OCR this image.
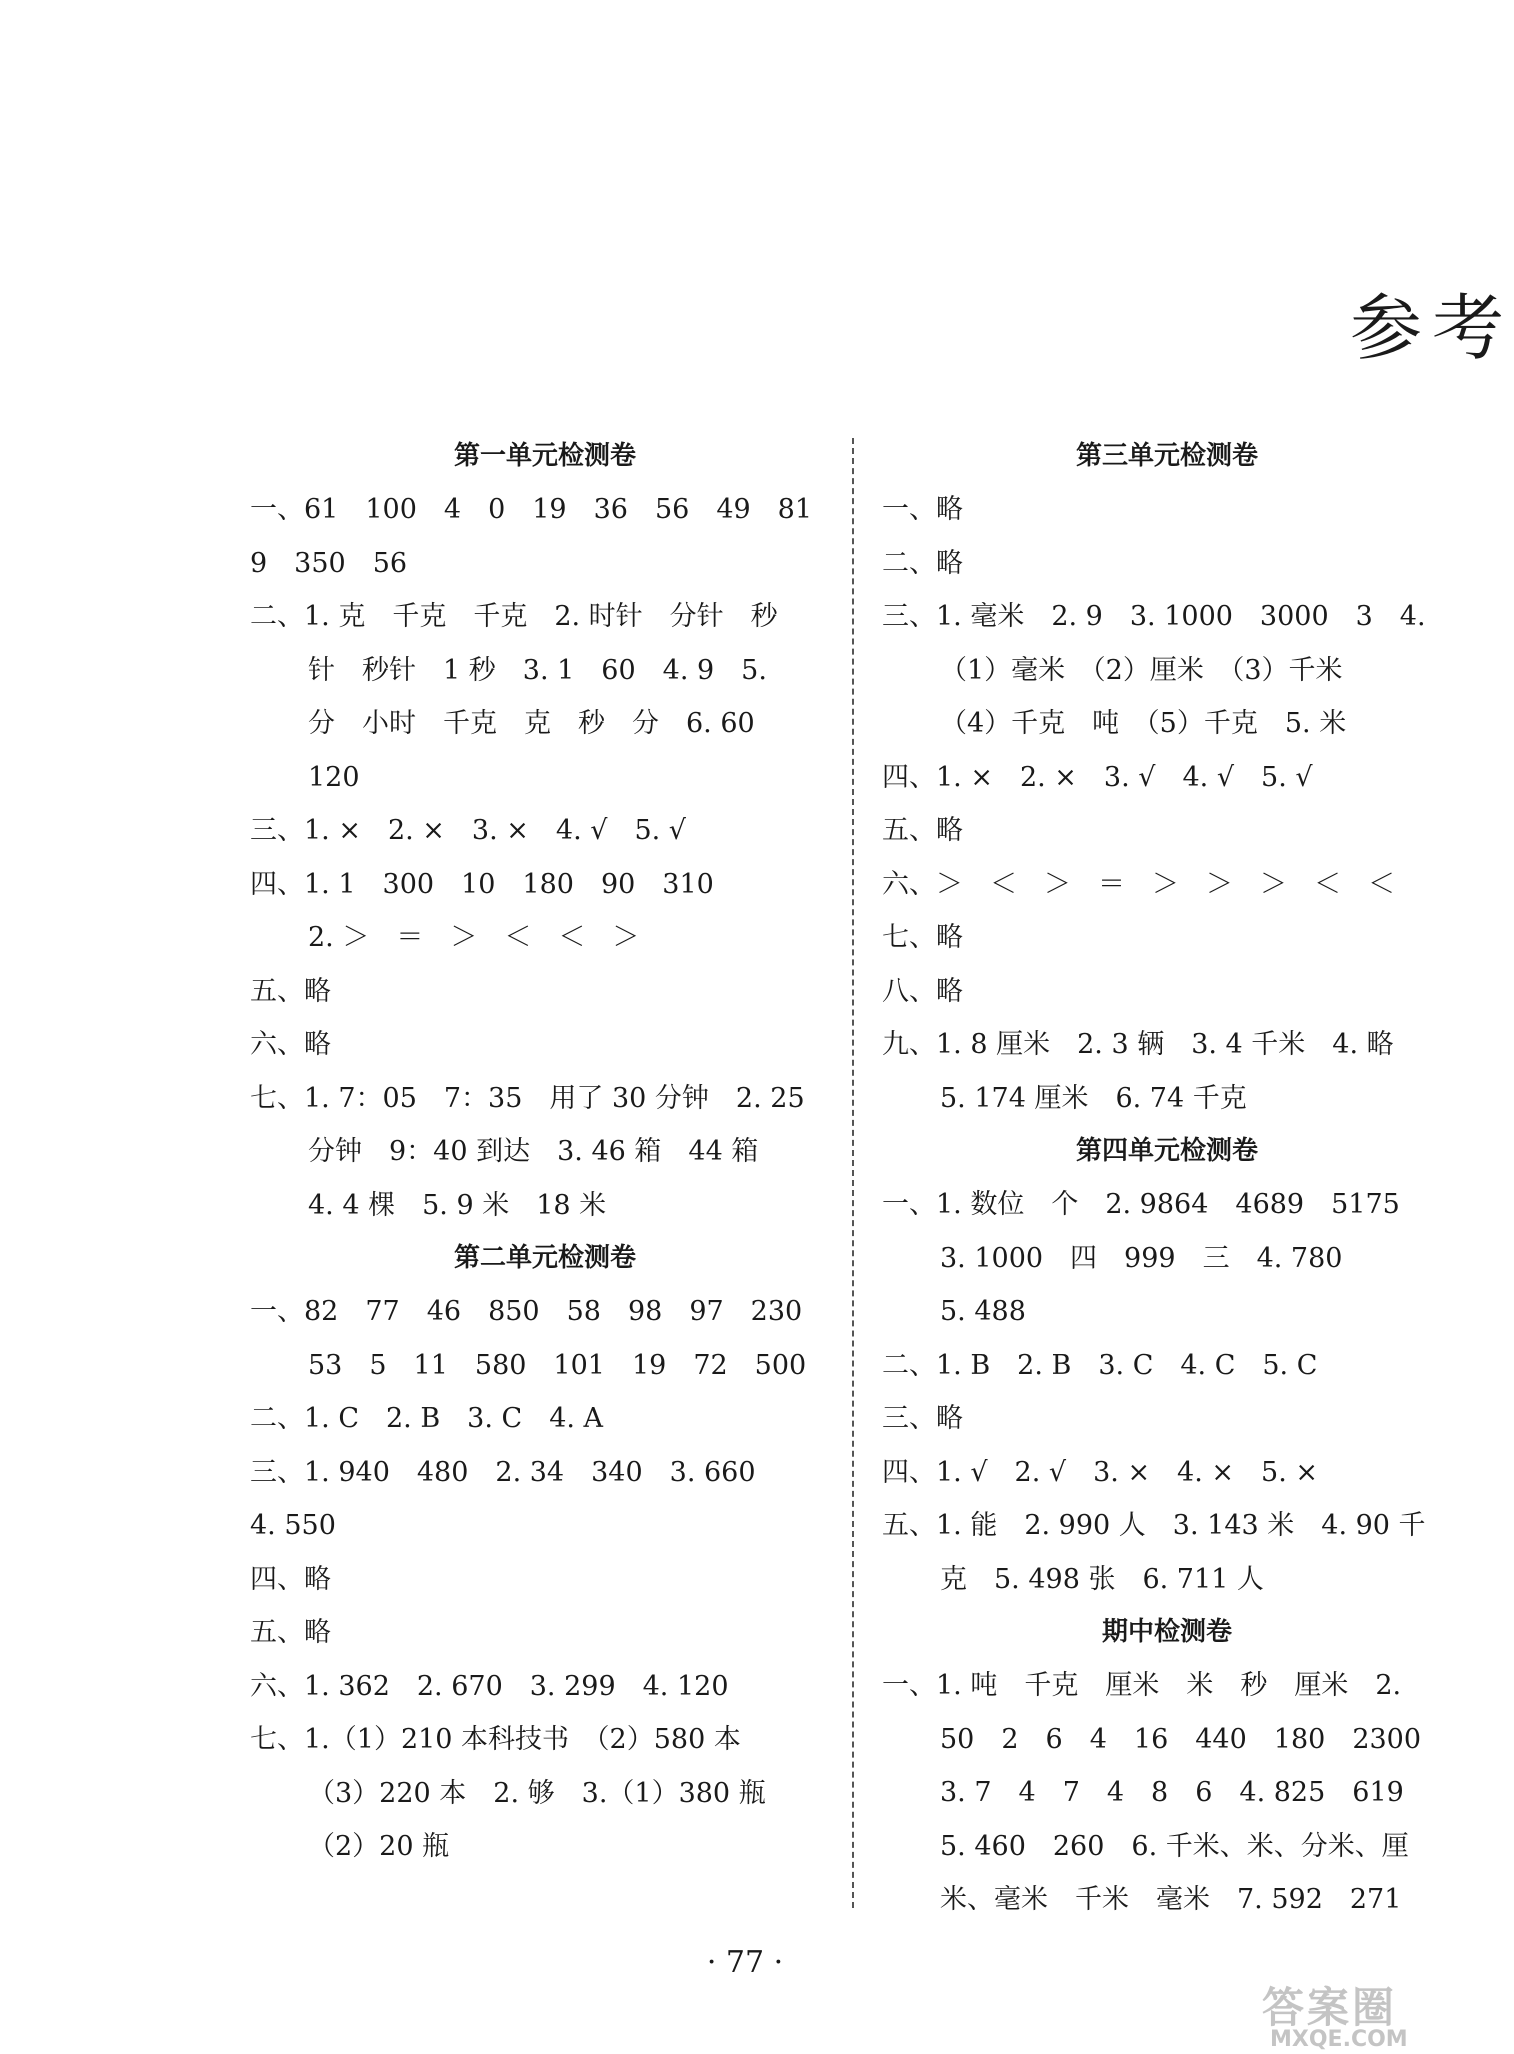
参考
第一单元检测卷
一、61　100　4　0　19　36　56　49　81
9　350　56
二、1. 克　千克　千克　2. 时针　分针　秒
针　秒针　1 秒　3. 1　60　4. 9　5.
分　小时　千克　克　秒　分　6. 60
120
三、1. ×　2. ×　3. ×　4. √　5. √
四、1. 1　300　10　180　90　310
2. ＞　＝　＞　＜　＜　＞
五、略
六、略
七、1. 7：05　7：35　用了 30 分钟　2. 25
分钟　9：40 到达　3. 46 箱　44 箱
4. 4 棵　5. 9 米　18 米
第二单元检测卷
一、82　77　46　850　58　98　97　230
53　5　11　580　101　19　72　500
二、1. C　2. B　3. C　4. A
三、1. 940　480　2. 34　340　3. 660
4. 550
四、略
五、略
六、1. 362　2. 670　3. 299　4. 120
七、1.（1）210 本科技书　（2）580 本
（3）220 本　2. 够　3.（1）380 瓶
（2）20 瓶
第三单元检测卷
一、略
二、略
三、1. 毫米　2. 9　3. 1000　3000　3　4.
（1）毫米　（2）厘米　（3）千米
（4）千克　吨　（5）千克　5. 米
四、1. ×　2. ×　3. √　4. √　5. √
五、略
六、＞　＜　＞　＝　＞　＞　＞　＜　＜
七、略
八、略
九、1. 8 厘米　2. 3 辆　3. 4 千米　4. 略
5. 174 厘米　6. 74 千克
第四单元检测卷
一、1. 数位　个　2. 9864　4689　5175
3. 1000　四　999　三　4. 780
5. 488
二、1. B　2. B　3. C　4. C　5. C
三、略
四、1. √　2. √　3. ×　4. ×　5. ×
五、1. 能　2. 990 人　3. 143 米　4. 90 千
克　5. 498 张　6. 711 人
期中检测卷
一、1. 吨　千克　厘米　米　秒　厘米　2.
50　2　6　4　16　440　180　2300
3. 7　4　7　4　8　6　4. 825　619
5. 460　260　6. 千米、米、分米、厘
米、毫米　千米　毫米　7. 592　271
· 77 ·
答案圈
MXQE.COM
